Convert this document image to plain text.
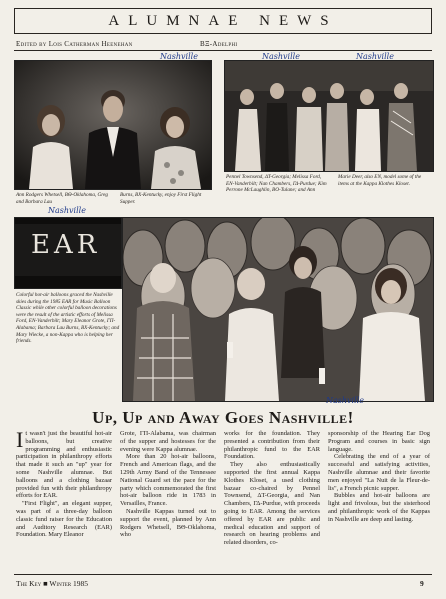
ALUMNAE NEWS
Edited by Lois Catherman Heenehan	BΞ-Adelphi
Nashville
Ann Rodgers Whetsell, BΘ-Oklahoma, Greg and Barbara Lau
Burns, BX-Kentucky, enjoy First Flight Supper.
Nashville	Nashville
Pennel Townsend, ΔT-Georgia; Melissa Ford, EN-Vanderbilt; Nan Chambers, ΓΔ-Purdue; Kim Perrone McLaughlin, BO-Tulane; and Ann
Marie Deer, also EN, model some of the items at the Kappa Klothes Kloset.
Nashville
EAR
Colorful hot-air balloons graced the Nashville skies during the 1985 EAR for Music Balloon Classic while other colorful balloon decorations were the result of the artistic efforts of Melissa Ford, EN-Vanderbilt; Mary Eleanor Grote, ΓΠ-Alabama; Barbara Lau Burns, BX-Kentucky; and Mary Wiecke, a non-Kappa who is helping her friends.
Nashville
Up, Up and Away Goes Nashville!
I t wasn't just the beautiful hot-air balloons, but creative programming and enthusiastic participation in philanthropy efforts that made it such an "up" year for some Nashville alumnae. But balloons and a clothing bazaar provided fun with their philanthropy efforts for EAR.

"First Flight", an elegant supper, was part of a three-day balloon classic fund raiser for the Education and Auditory Research (EAR) Foundation. Mary Eleanor

Grote, ΓΠ-Alabama, was chairman of the supper and hostesses for the evening were Kappa alumnae.

More than 20 hot-air balloons, French and American flags, and the 129th Army Band of the Tennessee National Guard set the pace for the party which commemorated the first hot-air balloon ride in 1783 in Versailles, France.

Nashville Kappas turned out to support the event, planned by Ann Rodgers Whetsell, BΘ-Oklahoma, who

works for the foundation. They presented a contribution from their philanthropic fund to the EAR Foundation.

They also enthusiastically supported the first annual Kappa Klothes Kloset, a used clothing bazaar co-chaired by Pennel Townsend, ΔT-Georgia, and Nan Chambers, ΓΔ-Purdue, with proceeds going to EAR. Among the services offered by EAR are public and medical education and support of research on hearing problems and related disorders, co-

sponsorship of the Hearing Ear Dog Program and courses in basic sign language.

Celebrating the end of a year of successful and satisfying activities, Nashville alumnae and their favorite men enjoyed "La Nuit de la Fleur-de-lis", a French picnic supper.

Bubbles and hot-air balloons are light and frivolous, but the sisterhood and philanthropic work of the Kappas in Nashville are deep and lasting.

The Key ■ Winter 1985	9
